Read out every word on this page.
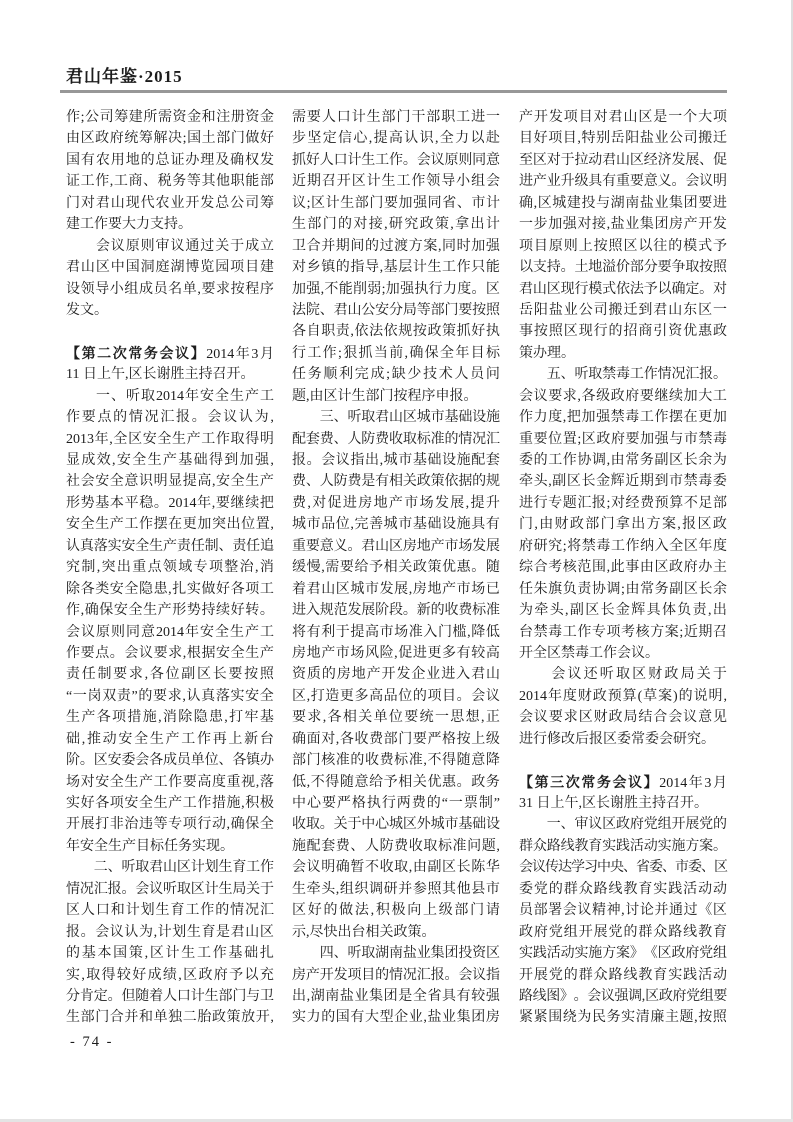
君山年鉴·2015
作 ; 公 司 筹 建 所 需 资 金 和 注 册 资 金
由 区 政 府 统 筹 解 决 ; 国 土 部 门 做 好
国 有 农 用 地 的 总 证 办 理 及 确 权 发
证 工 作 , 工 商 、 税 务 等 其 他 职 能 部
门 对 君 山 现 代 农 业 开 发 总 公 司 筹
建工作要大力支持。

会 议 原 则 审 议 通 过 关 于 成 立
君 山 区 中 国 洞 庭 湖 博 览 园 项 目 建
设 领 导 小 组 成 员 名 单 , 要 求 按 程 序
发文。
【 第 二 次 常 务 会 议 】 2014 年 3 月
11 日上午,区长谢胜主持召开。

一 、 听 取 2014 年 安 全 生 产 工
作 要 点 的 情 况 汇 报 。 会 议 认 为 ,
2013 年 , 全 区 安 全 生 产 工 作 取 得 明
显 成 效 , 安 全 生 产 基 础 得 到 加 强 ,
社 会 安 全 意 识 明 显 提 高 , 安 全 生 产
形 势 基 本 平 稳 。 2014 年 , 要 继 续 把
安 全 生 产 工 作 摆 在 更 加 突 出 位 置 ,
认 真 落 实 安 全 生 产 责 任 制 、 责 任 追
究 制 , 突 出 重 点 领 域 专 项 整 治 , 消
除 各 类 安 全 隐 患 , 扎 实 做 好 各 项 工
作 , 确 保 安 全 生 产 形 势 持 续 好 转 。
会 议 原 则 同 意 2014 年 安 全 生 产 工
作 要 点 。 会 议 要 求 , 根 据 安 全 生 产
责 任 制 要 求 , 各 位 副 区 长 要 按 照
“ 一 岗 双 责 ” 的 要 求 , 认 真 落 实 安 全
生 产 各 项 措 施 , 消 除 隐 患 , 打 牢 基
础 , 推 动 安 全 生 产 工 作 再 上 新 台
阶 。 区 安 委 会 各 成 员 单 位 、 各 镇 办
场 对 安 全 生 产 工 作 要 高 度 重 视 , 落
实 好 各 项 安 全 生 产 工 作 措 施 , 积 极
开 展 打 非 治 违 等 专 项 行 动 , 确 保 全
年安全生产目标任务实现。

二 、 听 取 君 山 区 计 划 生 育 工 作
情 况 汇 报 。 会 议 听 取 区 计 生 局 关 于
区 人 口 和 计 划 生 育 工 作 的 情 况 汇
报 。 会 议 认 为 , 计 划 生 育 是 君 山 区
的 基 本 国 策 , 区 计 生 工 作 基 础 扎
实 , 取 得 较 好 成 绩 , 区 政 府 予 以 充
分 肯 定 。 但 随 着 人 口 计 生 部 门 与 卫
生 部 门 合 并 和 单 独 二 胎 政 策 放 开 ,
需 要 人 口 计 生 部 门 干 部 职 工 进 一
步 坚 定 信 心 , 提 高 认 识 , 全 力 以 赴
抓 好 人 口 计 生 工 作 。 会 议 原 则 同 意
近 期 召 开 区 计 生 工 作 领 导 小 组 会
议 ; 区 计 生 部 门 要 加 强 同 省 、 市 计
生 部 门 的 对 接 , 研 究 政 策 , 拿 出 计
卫 合 并 期 间 的 过 渡 方 案 , 同 时 加 强
对 乡 镇 的 指 导 , 基 层 计 生 工 作 只 能
加 强 , 不 能 削 弱 ; 加 强 执 行 力 度 。 区
法 院 、 君 山 公 安 分 局 等 部 门 要 按 照
各 自 职 责 , 依 法 依 规 按 政 策 抓 好 执
行 工 作 ; 狠 抓 当 前 , 确 保 全 年 目 标
任 务 顺 利 完 成 ; 缺 少 技 术 人 员 问
题,由区计生部门按程序申报。

三 、 听 取 君 山 区 城 市 基 础 设 施
配 套 费 、 人 防 费 收 取 标 准 的 情 况 汇
报 。 会 议 指 出 , 城 市 基 础 设 施 配 套
费 、 人 防 费 是 有 相 关 政 策 依 据 的 规
费 , 对 促 进 房 地 产 市 场 发 展 , 提 升
城 市 品 位 , 完 善 城 市 基 础 设 施 具 有
重 要 意 义 。 君 山 区 房 地 产 市 场 发 展
缓 慢 , 需 要 给 予 相 关 政 策 优 惠 。 随
着 君 山 区 城 市 发 展 , 房 地 产 市 场 已
进 入 规 范 发 展 阶 段 。 新 的 收 费 标 准
将 有 利 于 提 高 市 场 准 入 门 槛 , 降 低
房 地 产 市 场 风 险 , 促 进 更 多 有 较 高
资 质 的 房 地 产 开 发 企 业 进 入 君 山
区 , 打 造 更 多 高 品 位 的 项 目 。 会 议
要 求 , 各 相 关 单 位 要 统 一 思 想 , 正
确 面 对 , 各 收 费 部 门 要 严 格 按 上 级
部 门 核 准 的 收 费 标 准 , 不 得 随 意 降
低 , 不 得 随 意 给 予 相 关 优 惠 。 政 务
中 心 要 严 格 执 行 两 费 的 “ 一 票 制 ”
收 取 。 关 于 中 心 城 区 外 城 市 基 础 设
施 配 套 费 、 人 防 费 收 取 标 准 问 题 ,
会 议 明 确 暂 不 收 取 , 由 副 区 长 陈 华
生 牵 头 , 组 织 调 研 并 参 照 其 他 县 市
区 好 的 做 法 , 积 极 向 上 级 部 门 请
示,尽快出台相关政策。

四 、 听 取 湖 南 盐 业 集 团 投 资 区
房 产 开 发 项 目 的 情 况 汇 报 。 会 议 指
出 , 湖 南 盐 业 集 团 是 全 省 具 有 较 强
实 力 的 国 有 大 型 企 业 , 盐 业 集 团 房
产 开 发 项 目 对 君 山 区 是 一 个 大 项
目 好 项 目 , 特 别 岳 阳 盐 业 公 司 搬 迁
至 区 对 于 拉 动 君 山 区 经 济 发 展 、 促
进 产 业 升 级 具 有 重 要 意 义 。 会 议 明
确 , 区 城 建 投 与 湖 南 盐 业 集 团 要 进
一 步 加 强 对 接 , 盐 业 集 团 房 产 开 发
项 目 原 则 上 按 照 区 以 往 的 模 式 予
以 支 持 。 土 地 溢 价 部 分 要 争 取 按 照
君 山 区 现 行 模 式 依 法 予 以 确 定 。 对
岳 阳 盐 业 公 司 搬 迁 到 君 山 东 区 一
事 按 照 区 现 行 的 招 商 引 资 优 惠 政
策办理。

五 、 听 取 禁 毒 工 作 情 况 汇 报 。
会 议 要 求 , 各 级 政 府 要 继 续 加 大 工
作 力 度 , 把 加 强 禁 毒 工 作 摆 在 更 加
重 要 位 置 ; 区 政 府 要 加 强 与 市 禁 毒
委 的 工 作 协 调 , 由 常 务 副 区 长 余 为
牵 头 , 副 区 长 金 辉 近 期 到 市 禁 毒 委
进 行 专 题 汇 报 ; 对 经 费 预 算 不 足 部
门 , 由 财 政 部 门 拿 出 方 案 , 报 区 政
府 研 究 ; 将 禁 毒 工 作 纳 入 全 区 年 度
综 合 考 核 范 围 , 此 事 由 区 政 府 办 主
任 朱 旗 负 责 协 调 ; 由 常 务 副 区 长 余
为 牵 头 , 副 区 长 金 辉 具 体 负 责 , 出
台 禁 毒 工 作 专 项 考 核 方 案 ; 近 期 召
开全区禁毒工作会议。

会 议 还 听 取 区 财 政 局 关 于
2014 年 度 财 政 预 算 ( 草 案 ) 的 说 明 ,
会 议 要 求 区 财 政 局 结 合 会 议 意 见
进行修改后报区委常委会研究。
【 第 三 次 常 务 会 议 】 2014 年 3 月
31 日上午,区长谢胜主持召开。

一 、 审 议 区 政 府 党 组 开 展 党 的
群 众 路 线 教 育 实 践 活 动 实 施 方 案 。
会 议 传 达 学 习 中 央 、 省 委 、 市 委 、 区
委 党 的 群 众 路 线 教 育 实 践 活 动 动
员 部 署 会 议 精 神 , 讨 论 并 通 过 《 区
政 府 党 组 开 展 党 的 群 众 路 线 教 育
实 践 活 动 实 施 方 案 》 《 区 政 府 党 组
开 展 党 的 群 众 路 线 教 育 实 践 活 动
路 线 图 》 。 会 议 强 调 , 区 政 府 党 组 要
紧 紧 围 绕 为 民 务 实 清 廉 主 题 , 按 照
- 74 -
